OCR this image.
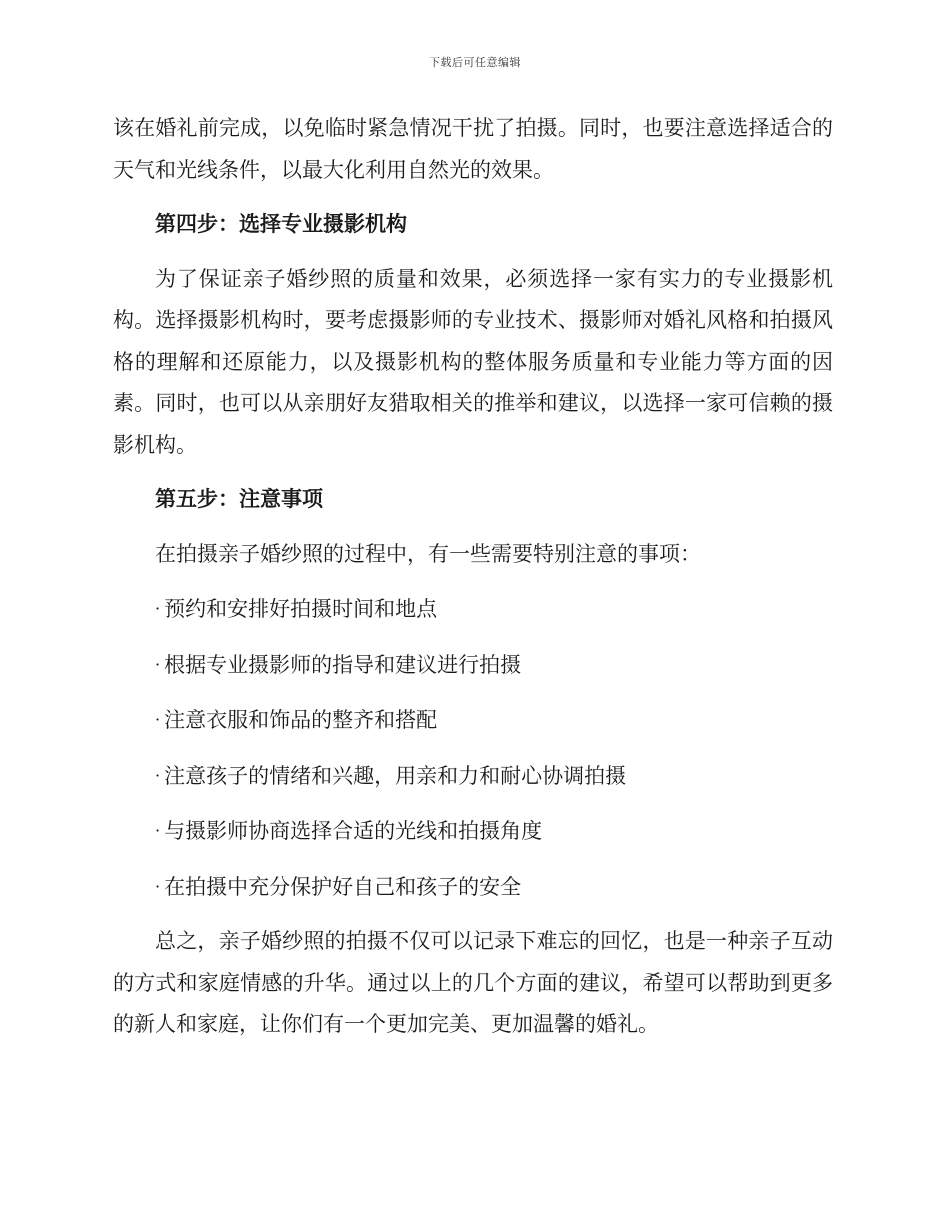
下载后可任意编辑

该在婚礼前完成，以免临时紧急情况干扰了拍摄。同时，也要注意选择适合的天气和光线条件，以最大化利用自然光的效果。

第四步：选择专业摄影机构

为了保证亲子婚纱照的质量和效果，必须选择一家有实力的专业摄影机构。选择摄影机构时，要考虑摄影师的专业技术、摄影师对婚礼风格和拍摄风格的理解和还原能力，以及摄影机构的整体服务质量和专业能力等方面的因素。同时，也可以从亲朋好友猎取相关的推举和建议，以选择一家可信赖的摄影机构。

第五步：注意事项

在拍摄亲子婚纱照的过程中，有一些需要特别注意的事项：

· 预约和安排好拍摄时间和地点
· 根据专业摄影师的指导和建议进行拍摄
· 注意衣服和饰品的整齐和搭配
· 注意孩子的情绪和兴趣，用亲和力和耐心协调拍摄
· 与摄影师协商选择合适的光线和拍摄角度
· 在拍摄中充分保护好自己和孩子的安全

总之，亲子婚纱照的拍摄不仅可以记录下难忘的回忆，也是一种亲子互动的方式和家庭情感的升华。通过以上的几个方面的建议，希望可以帮助到更多的新人和家庭，让你们有一个更加完美、更加温馨的婚礼。
